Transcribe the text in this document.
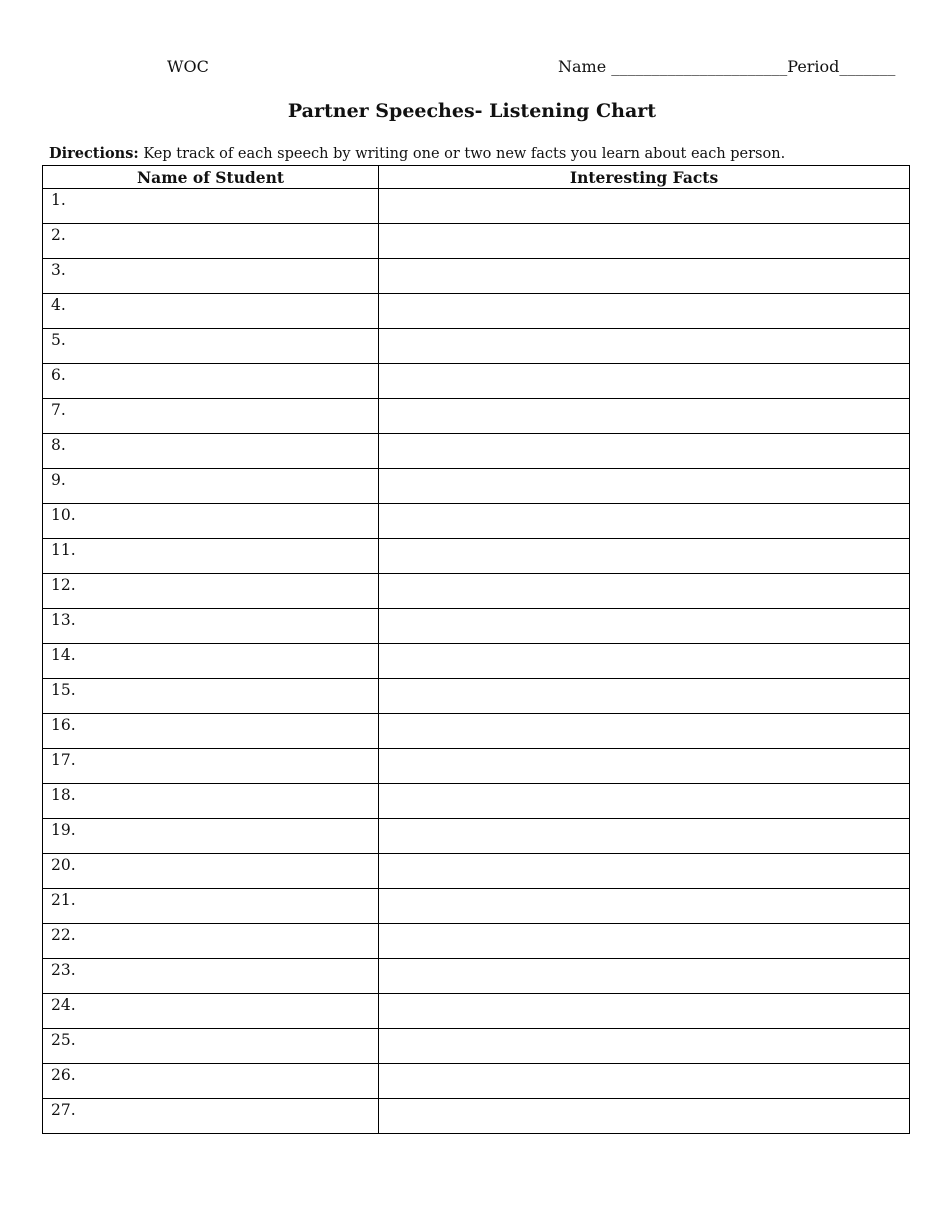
WOC	Name ______________________Period_______
Partner Speeches- Listening Chart
Directions: Kep track of each speech by writing one or two new facts you learn about each person.
Name of Student	Interesting Facts

1.	

2.	

3.	

4.	

5.	

6.	

7.	

8.	

9.	

10.	

11.	

12.	

13.	

14.	

15.	

16.	

17.	

18.	

19.	

20.	

21.	

22.	

23.	

24.	

25.	

26.	

27.	
